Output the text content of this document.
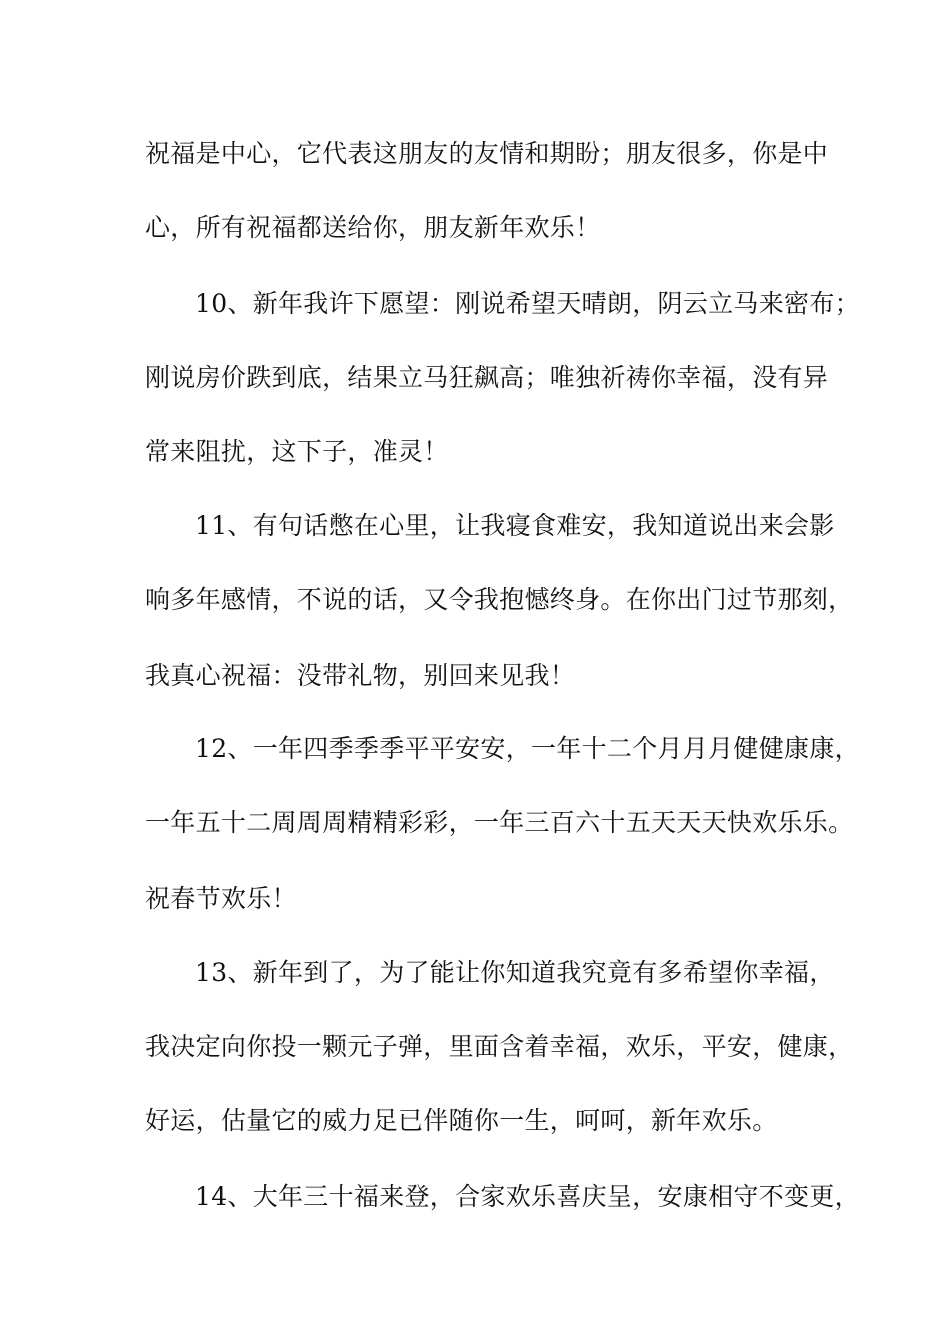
祝福是中心，它代表这朋友的友情和期盼；朋友很多，你是中
心，所有祝福都送给你，朋友新年欢乐！
10、新年我许下愿望：刚说希望天晴朗，阴云立马来密布；
刚说房价跌到底，结果立马狂飙高；唯独祈祷你幸福，没有异
常来阻扰，这下子，准灵！
11、有句话憋在心里，让我寝食难安，我知道说出来会影
响多年感情，不说的话，又令我抱憾终身。在你出门过节那刻，
我真心祝福：没带礼物，别回来见我！
12、一年四季季季平平安安，一年十二个月月月健健康康，
一年五十二周周周精精彩彩，一年三百六十五天天天快欢乐乐。
祝春节欢乐！
13、新年到了，为了能让你知道我究竟有多希望你幸福，
我决定向你投一颗元子弹，里面含着幸福，欢乐，平安，健康，
好运，估量它的威力足已伴随你一生，呵呵，新年欢乐。
14、大年三十福来登，合家欢乐喜庆呈，安康相守不变更，
